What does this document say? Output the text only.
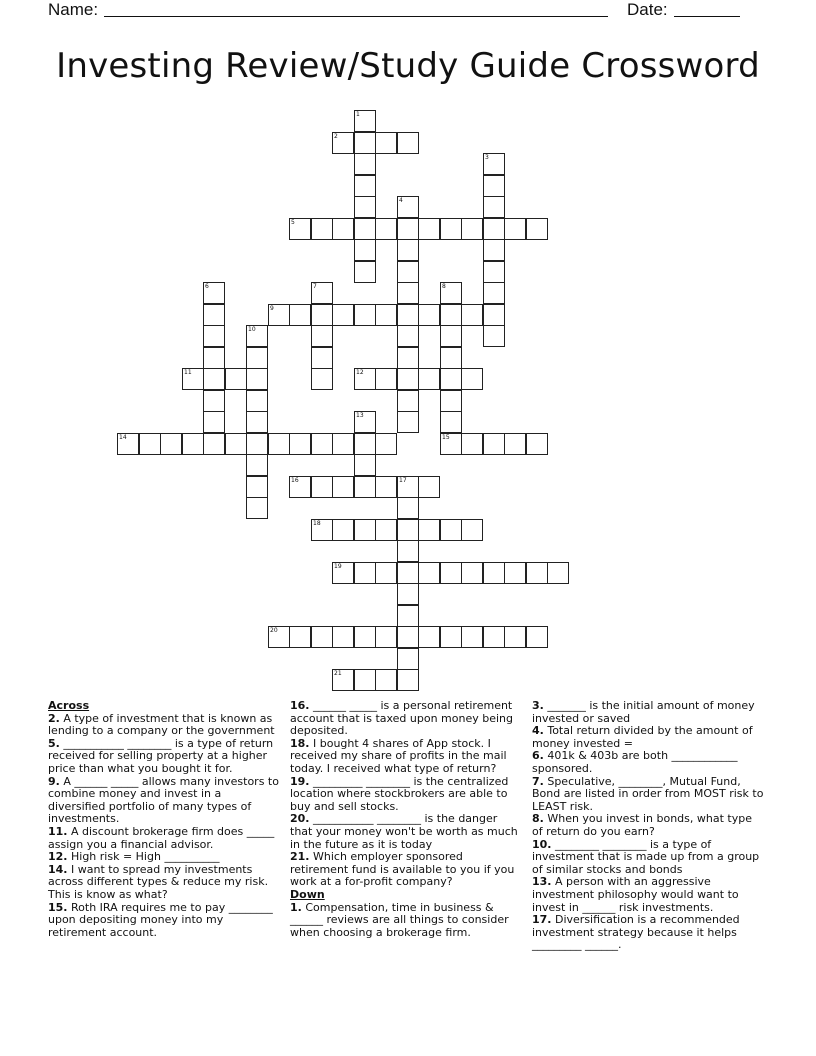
Name:	Date:
Investing Review/Study Guide Crossword
1
2
3
4
5
6	7	8
15
9
10
11	12
13
14
16	17
18
19
20
21
Across
2. A type of investment that is known as lending to a company or the government
5. ___________ ________ is a type of return received for selling property at a higher price than what you bought it for.
9. A ______ _____ allows many investors to combine money and invest in a diversified portfolio of many types of investments.
11. A discount brokerage firm does _____ assign you a financial advisor.
12. High risk = High __________
14. I want to spread my investments across different types & reduce my risk. This is know as what?
15. Roth IRA requires me to pay ________ upon depositing money into my retirement account.
16. ______ _____ is a personal retirement account that is taxed upon money being deposited.
18. I bought 4 shares of App stock. I received my share of profits in the mail today. I received what type of return?
19. _________ ________ is the centralized location where stockbrokers are able to buy and sell stocks.
20. ___________ ________ is the danger that your money won't be worth as much in the future as it is today
21. Which employer sponsored retirement fund is available to you if you work at a for-profit company?
Down
1. Compensation, time in business & ______ reviews are all things to consider when choosing a brokerage firm.
3. _______ is the initial amount of money invested or saved
4. Total return divided by the amount of money invested =
6. 401k & 403b are both ____________ sponsored.
7. Speculative, ________, Mutual Fund, Bond are listed in order from MOST risk to LEAST risk.
8. When you invest in bonds, what type of return do you earn?
10. ________ ________ is a type of investment that is made up from a group of similar stocks and bonds
13. A person with an aggressive investment philosophy would want to invest in ______ risk investments.
17. Diversification is a recommended investment strategy because it helps _________ ______.
